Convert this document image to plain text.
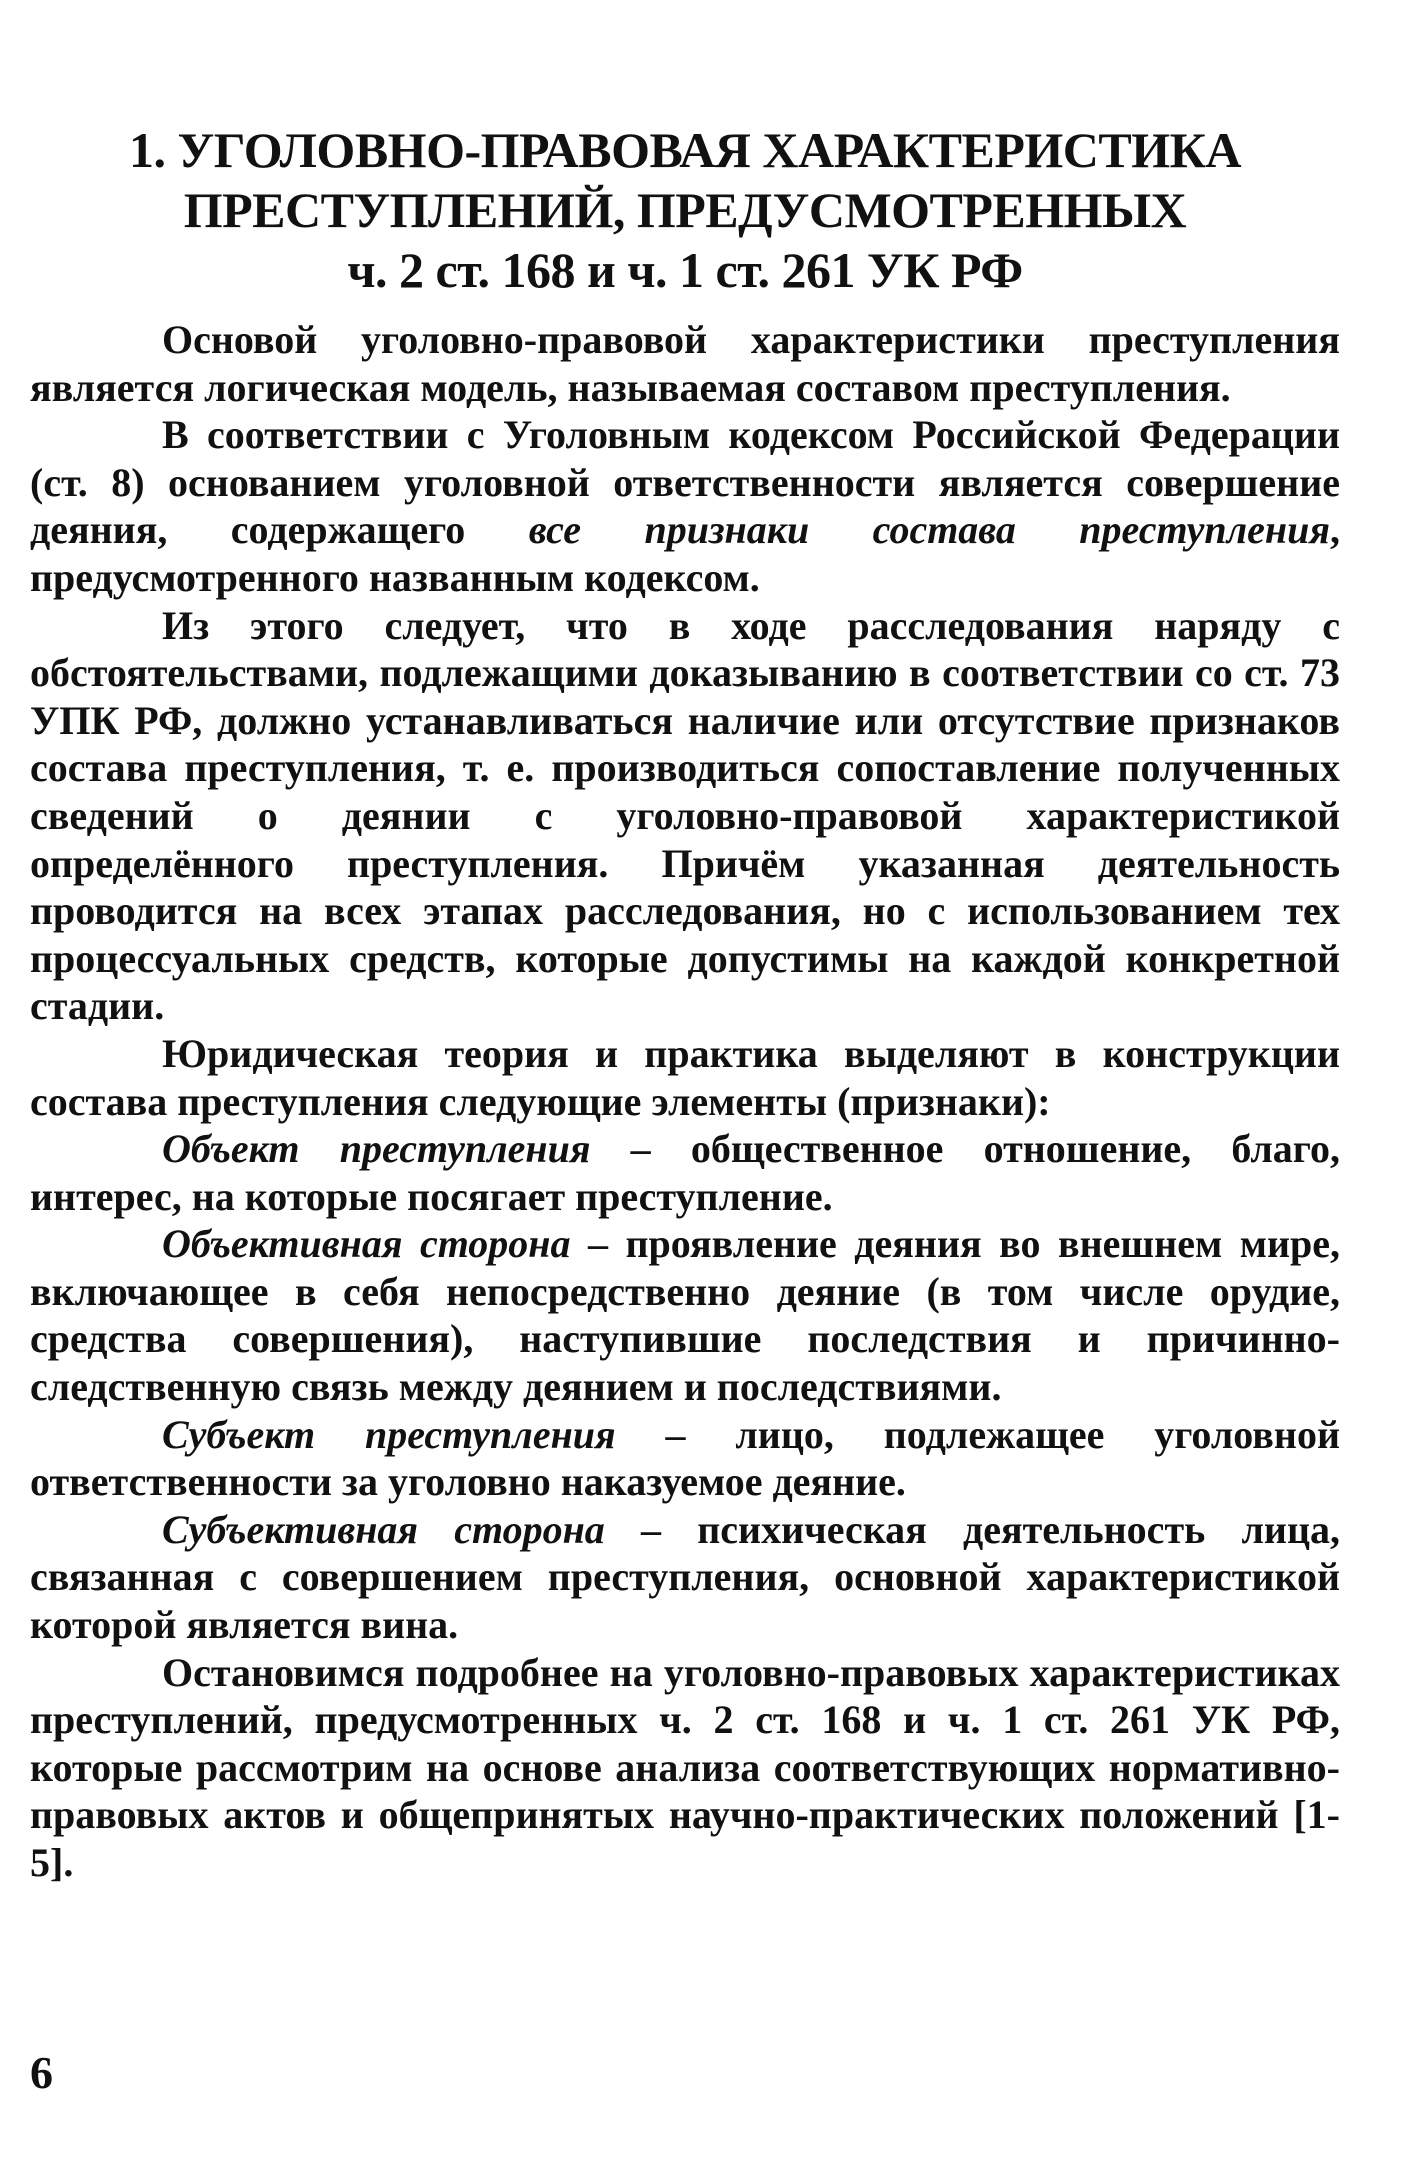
1. УГОЛОВНО-ПРАВОВАЯ ХАРАКТЕРИСТИКА
ПРЕСТУПЛЕНИЙ, ПРЕДУСМОТРЕННЫХ
ч. 2 ст. 168 и ч. 1 ст. 261 УК РФ

Основой уголовно-правовой характеристики преступления является логическая модель, называемая составом преступления.

В соответствии с Уголовным кодексом Российской Федерации (ст. 8) основанием уголовной ответственности является совершение деяния, содержащего все признаки состава преступления, предусмотренного названным кодексом.

Из этого следует, что в ходе расследования наряду с обстоятельствами, подлежащими доказыванию в соответствии со ст. 73 УПК РФ, должно устанавливаться наличие или отсутствие признаков состава преступления, т. е. производиться сопоставление полученных сведений о деянии с уголовно-правовой характеристикой определённого преступления. Причём указанная деятельность проводится на всех этапах расследования, но с использованием тех процессуальных средств, которые допустимы на каждой конкретной стадии.

Юридическая теория и практика выделяют в конструкции состава преступления следующие элементы (признаки):

Объект преступления – общественное отношение, благо, интерес, на которые посягает преступление.

Объективная сторона – проявление деяния во внешнем мире, включающее в себя непосредственно деяние (в том числе орудие, средства совершения), наступившие последствия и причинно-следственную связь между деянием и последствиями.

Субъект преступления – лицо, подлежащее уголовной ответственности за уголовно наказуемое деяние.

Субъективная сторона – психическая деятельность лица, связанная с совершением преступления, основной характеристикой которой является вина.

Остановимся подробнее на уголовно-правовых характеристиках преступлений, предусмотренных ч. 2 ст. 168 и ч. 1 ст. 261 УК РФ, которые рассмотрим на основе анализа соответствующих нормативно-правовых актов и общепринятых научно-практических положений [1-5].

6
